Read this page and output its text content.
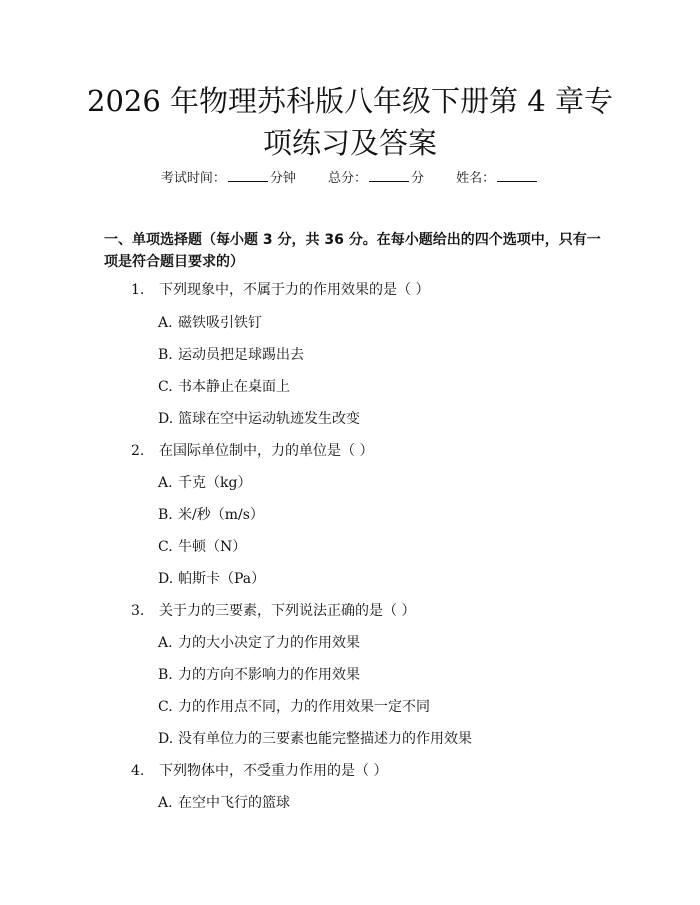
2026 年物理苏科版八年级下册第 4 章专项练习及答案
考试时间：	分钟 总分：	分 姓名：
一、单项选择题（每小题 3 分，共 36 分。在每小题给出的四个选项中，只有一项是符合题目要求的）
1. 下列现象中，不属于力的作用效果的是（ ）
A. 磁铁吸引铁钉
B. 运动员把足球踢出去
C. 书本静止在桌面上
D. 篮球在空中运动轨迹发生改变
2. 在国际单位制中，力的单位是（ ）
A. 千克（kg）
B. 米/秒（m/s）
C. 牛顿（N）
D. 帕斯卡（Pa）
3. 关于力的三要素，下列说法正确的是（ ）
A. 力的大小决定了力的作用效果
B. 力的方向不影响力的作用效果
C. 力的作用点不同，力的作用效果一定不同
D. 没有单位力的三要素也能完整描述力的作用效果
4. 下列物体中，不受重力作用的是（ ）
A. 在空中飞行的篮球
